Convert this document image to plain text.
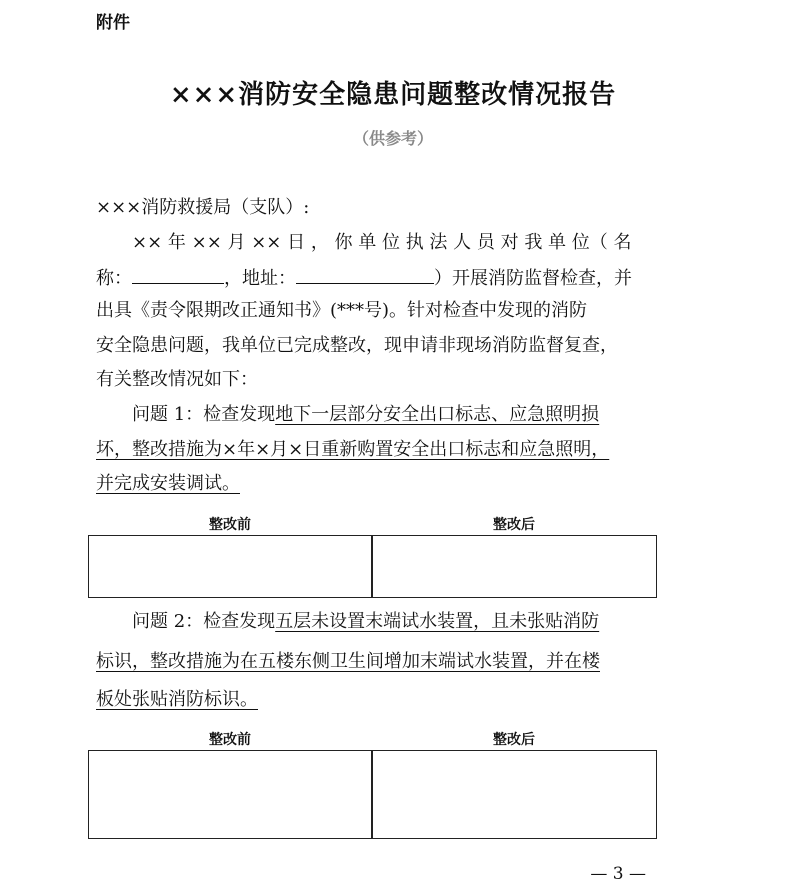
附件
×××消防安全隐患问题整改情况报告
（供参考）
×××消防救援局（支队）:
×× 年 ×× 月 ×× 日 ， 你 单 位 执 法 人 员 对 我 单 位（ 名
称：	，地址：	）开展消防监督检查，并
出具《责令限期改正通知书》(***号)。针对检查中发现的消防
安全隐患问题，我单位已完成整改，现申请非现场消防监督复查，
有关整改情况如下：
问题 1：检查发现地下一层部分安全出口标志、应急照明损
坏，整改措施为×年×月×日重新购置安全出口标志和应急照明，
并完成安装调试。
整改前	整改后
问题 2：检查发现五层未设置末端试水装置，且未张贴消防
标识，整改措施为在五楼东侧卫生间增加末端试水装置，并在楼
板处张贴消防标识。
整改前	整改后
— 3 —
